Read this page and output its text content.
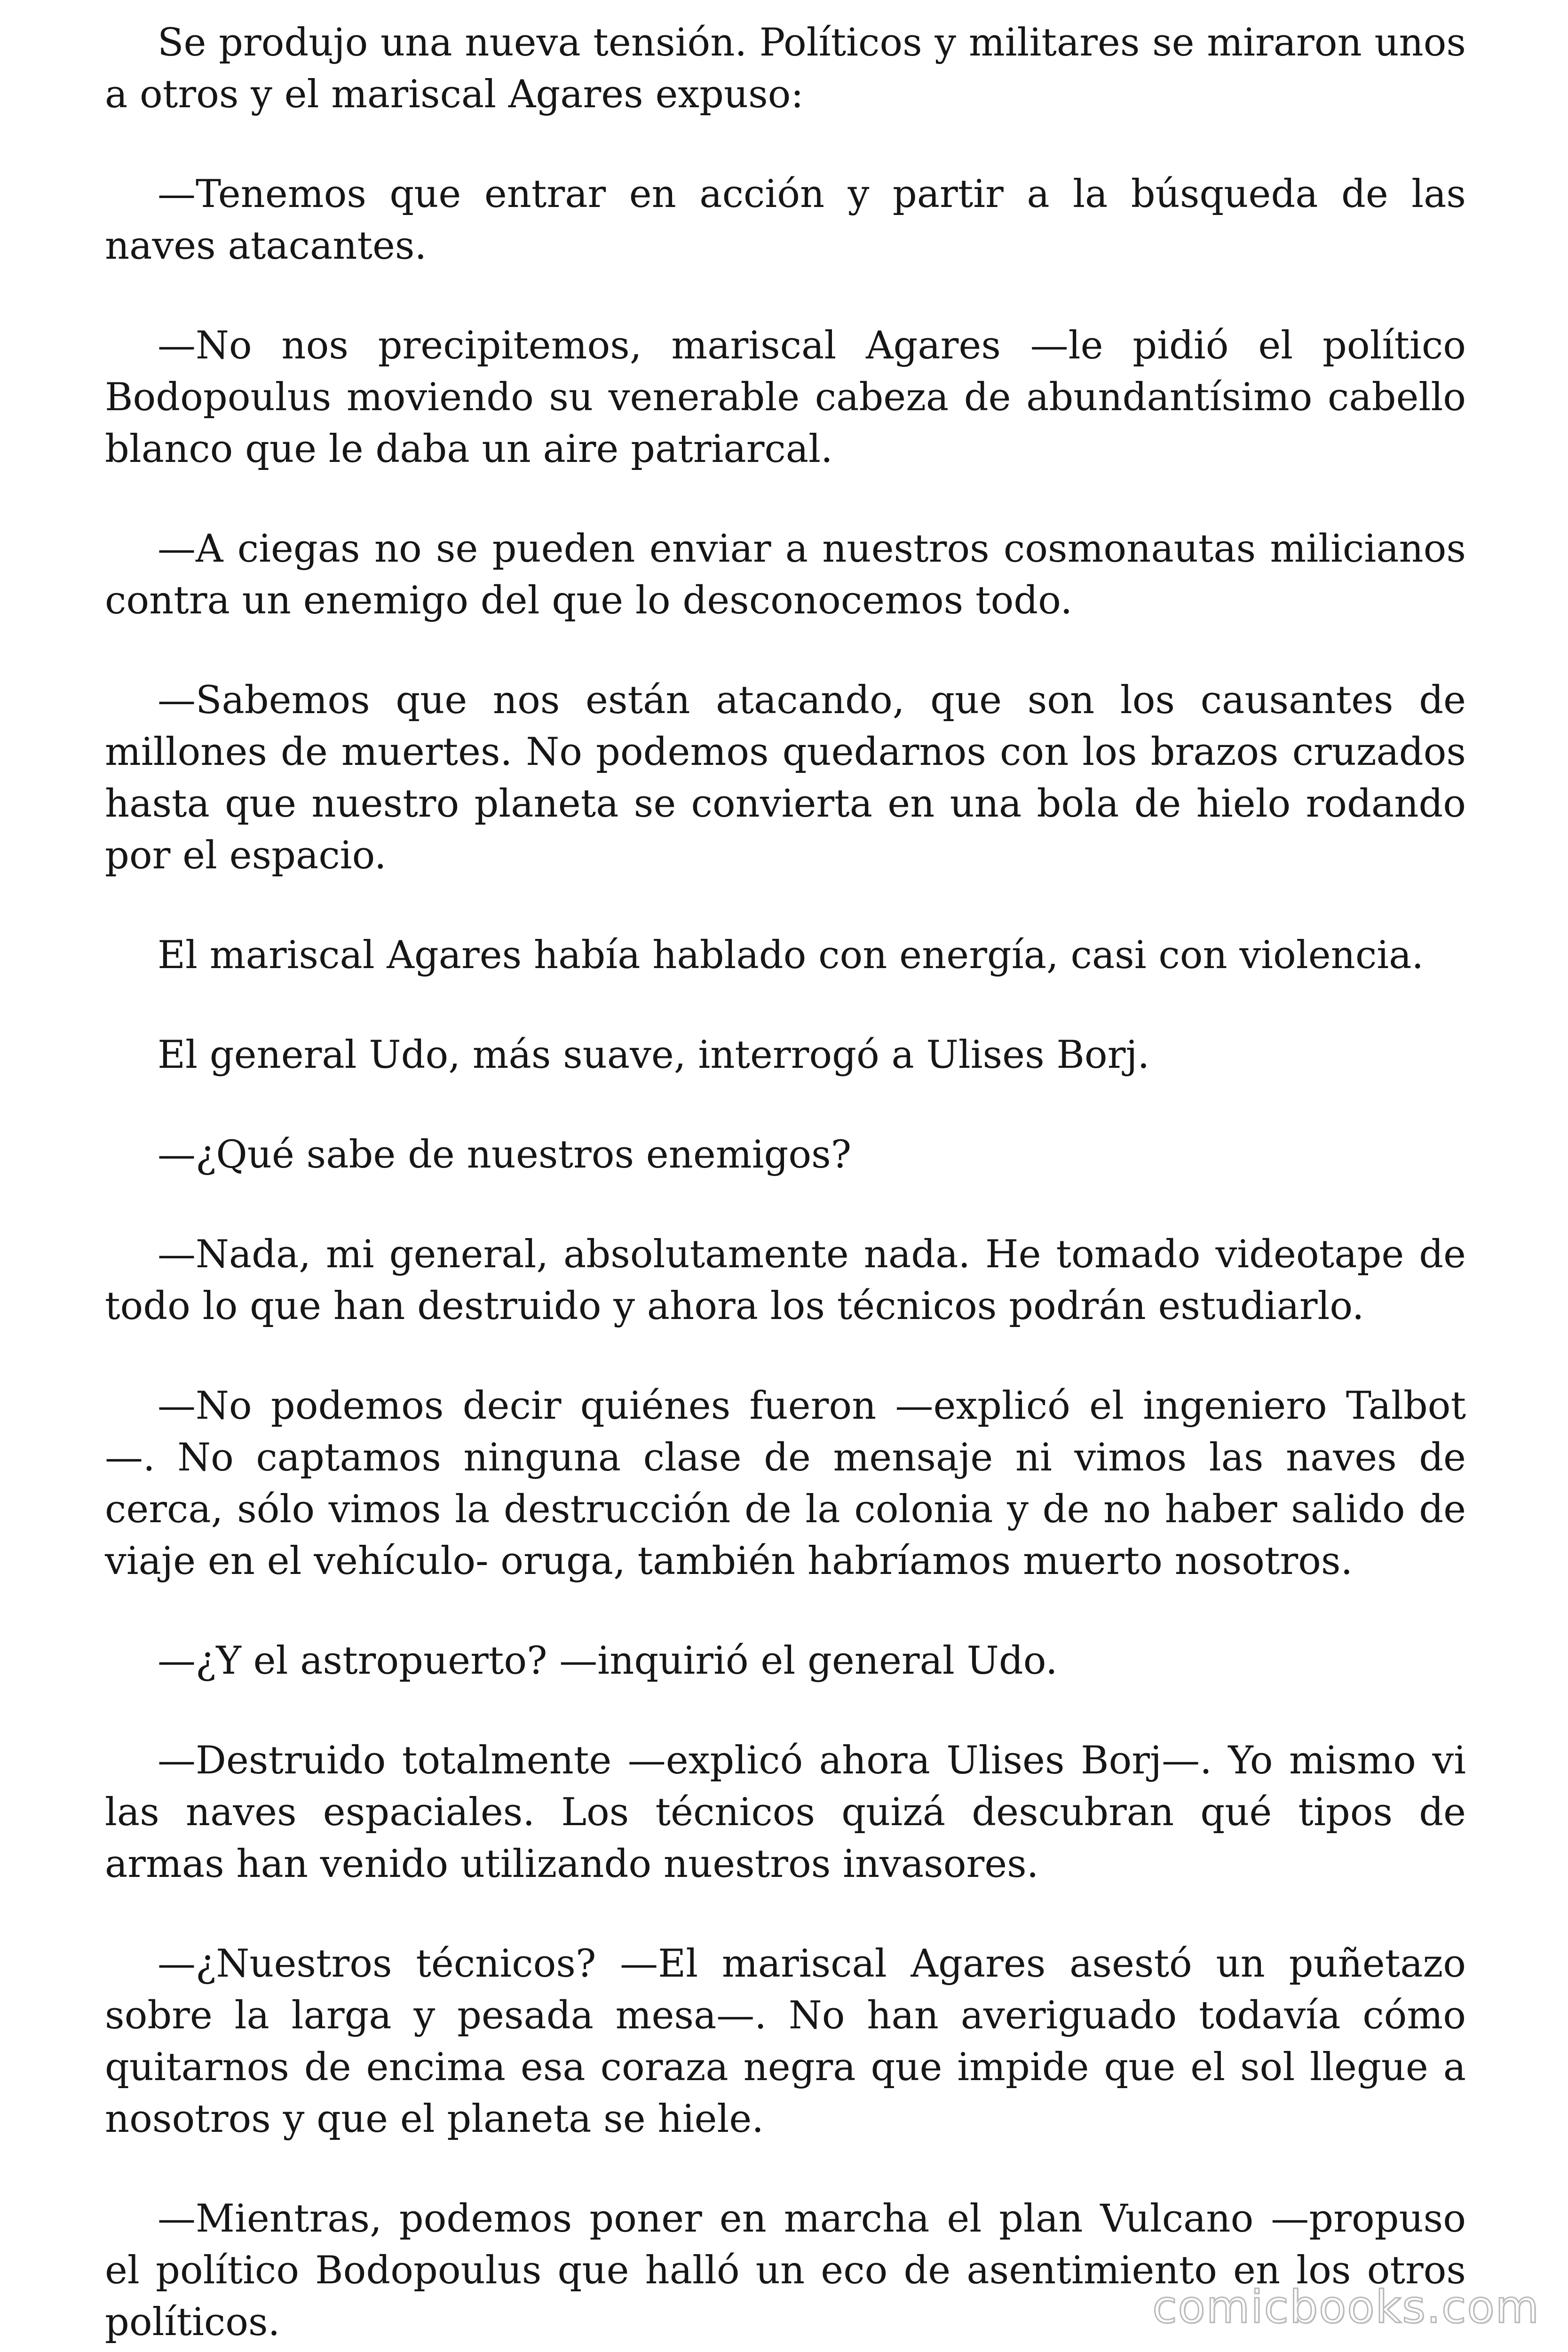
Se produjo una nueva tensión. Políticos y militares se miraron unos a otros y el mariscal Agares expuso:

—Tenemos que entrar en acción y partir a la búsqueda de las naves atacantes.

—No nos precipitemos, mariscal Agares —le pidió el político Bodopoulus moviendo su venerable cabeza de abundantísimo cabello blanco que le daba un aire patriarcal.

—A ciegas no se pueden enviar a nuestros cosmonautas milicianos contra un enemigo del que lo desconocemos todo.

—Sabemos que nos están atacando, que son los causantes de millones de muertes. No podemos quedarnos con los brazos cruzados hasta que nuestro planeta se convierta en una bola de hielo rodando por el espacio.

El mariscal Agares había hablado con energía, casi con violencia.

El general Udo, más suave, interrogó a Ulises Borj.

—¿Qué sabe de nuestros enemigos?

—Nada, mi general, absolutamente nada. He tomado videotape de todo lo que han destruido y ahora los técnicos podrán estudiarlo.

—No podemos decir quiénes fueron —explicó el ingeniero Talbot —. No captamos ninguna clase de mensaje ni vimos las naves de cerca, sólo vimos la destrucción de la colonia y de no haber salido de viaje en el vehículo- oruga, también habríamos muerto nosotros.

—¿Y el astropuerto? —inquirió el general Udo.

—Destruido totalmente —explicó ahora Ulises Borj—. Yo mismo vi las naves espaciales. Los técnicos quizá descubran qué tipos de armas han venido utilizando nuestros invasores.

—¿Nuestros técnicos? —El mariscal Agares asestó un puñetazo sobre la larga y pesada mesa—. No han averiguado todavía cómo quitarnos de encima esa coraza negra que impide que el sol llegue a nosotros y que el planeta se hiele.

—Mientras, podemos poner en marcha el plan Vulcano —propuso el político Bodopoulus que halló un eco de asentimiento en los otros políticos.	comicbooks.com
